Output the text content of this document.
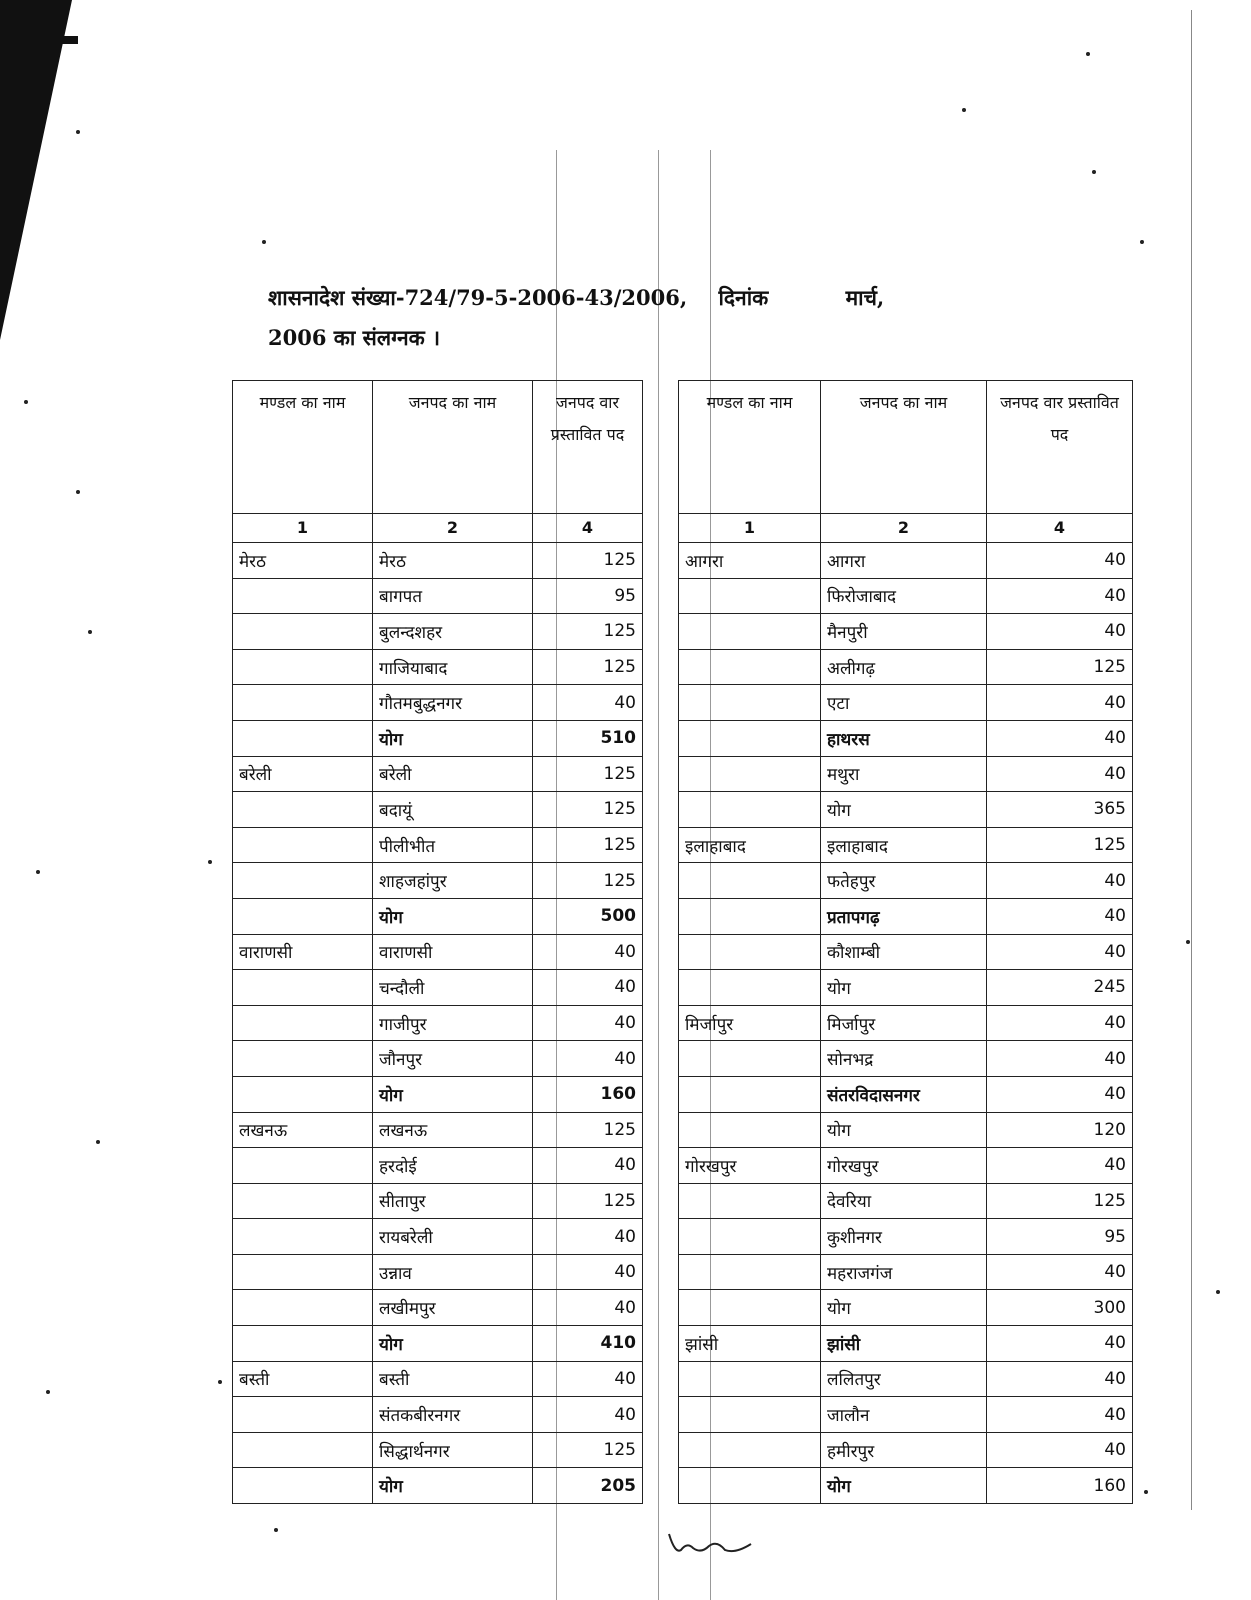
शासनादेश संख्या-724/79-5-2006-43/2006, दिनांक	मार्च,
2006 का संलग्नक ।
मण्डल का नाम	जनपद का नाम	जनपद वार प्रस्तावित पद		मण्डल का नाम	जनपद का नाम	जनपद वार प्रस्तावित पद
1	2	4		1	2	4
मेरठ	मेरठ	125		आगरा	आगरा	40
	बागपत	95			फिरोजाबाद	40
	बुलन्दशहर	125			मैनपुरी	40
	गाजियाबाद	125			अलीगढ़	125
	गौतमबुद्धनगर	40			एटा	40
	योग	510			हाथरस	40
बरेली	बरेली	125			मथुरा	40
	बदायूं	125			योग	365
	पीलीभीत	125		इलाहाबाद	इलाहाबाद	125
	शाहजहांपुर	125			फतेहपुर	40
	योग	500			प्रतापगढ़	40
वाराणसी	वाराणसी	40			कौशाम्बी	40
	चन्दौली	40			योग	245
	गाजीपुर	40		मिर्जापुर	मिर्जापुर	40
	जौनपुर	40			सोनभद्र	40
	योग	160			संतरविदासनगर	40
लखनऊ	लखनऊ	125			योग	120
	हरदोई	40		गोरखपुर	गोरखपुर	40
	सीतापुर	125			देवरिया	125
	रायबरेली	40			कुशीनगर	95
	उन्नाव	40			महराजगंज	40
	लखीमपुर	40			योग	300
	योग	410		झांसी	झांसी	40
बस्ती	बस्ती	40			ललितपुर	40
	संतकबीरनगर	40			जालौन	40
	सिद्धार्थनगर	125			हमीरपुर	40
	योग	205			योग	160
